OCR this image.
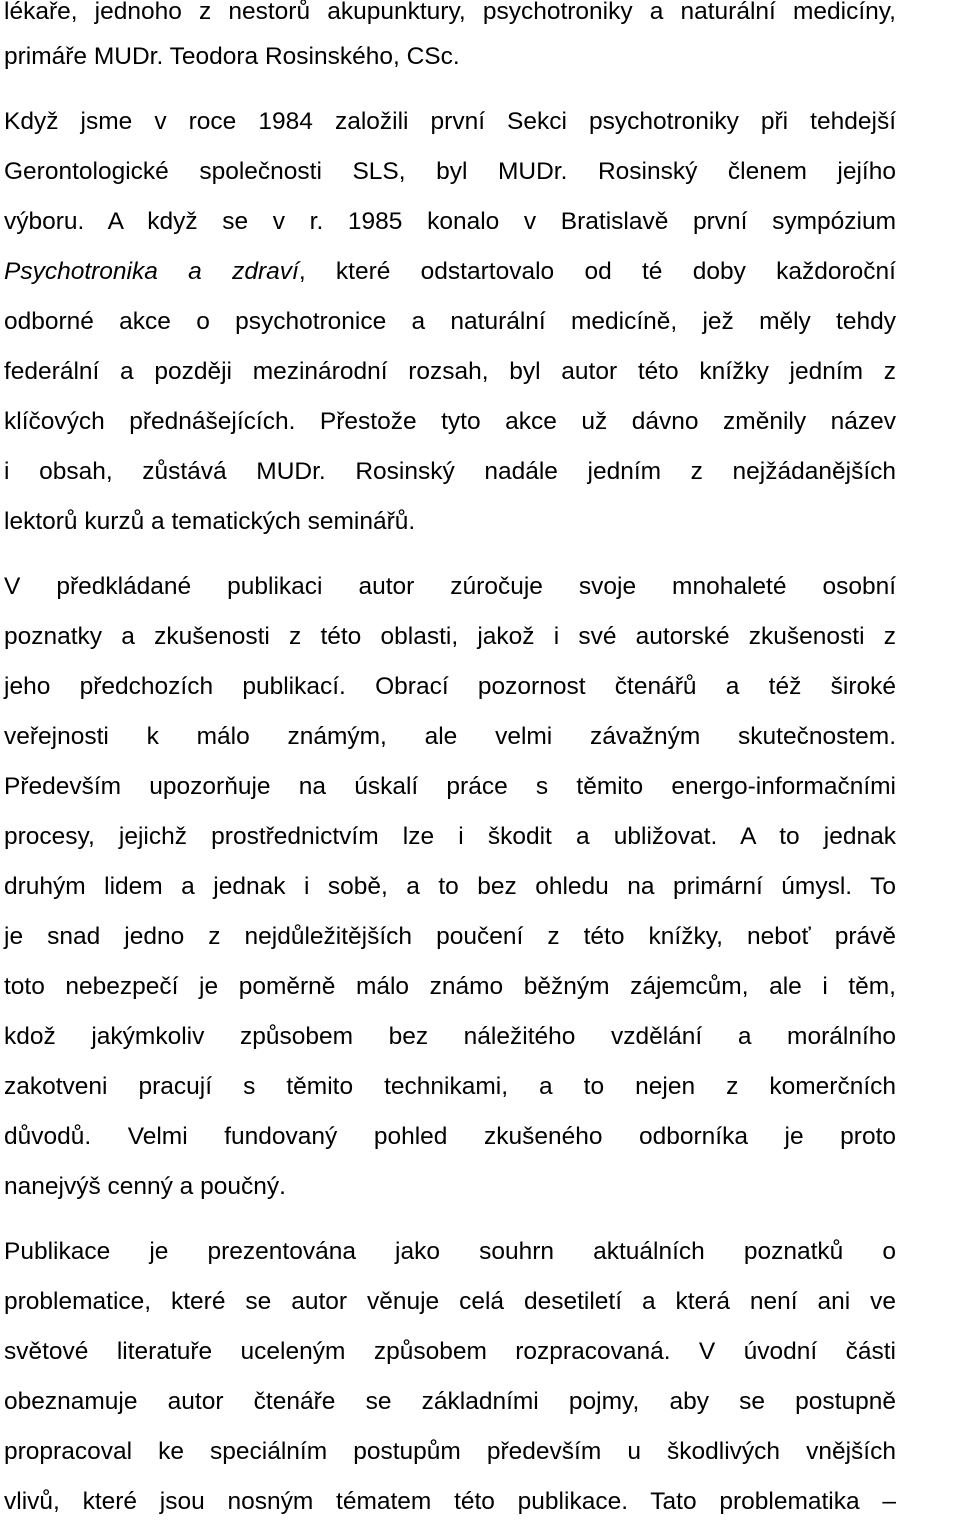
lékaře, jednoho z nestorů akupunktury, psychotroniky a naturální medicíny,
primáře MUDr. Teodora Rosinského, CSc.
Když jsme v roce 1984 založili první Sekci psychotroniky při tehdejší
Gerontologické společnosti SLS, byl MUDr. Rosinský členem jejího
výboru. A když se v r. 1985 konalo v Bratislavě první sympózium
Psychotronika a zdraví, které odstartovalo od té doby každoroční
odborné akce o psychotronice a naturální medicíně, jež měly tehdy
federální a později mezinárodní rozsah, byl autor této knížky jedním z
klíčových přednášejících. Přestože tyto akce už dávno změnily název
i obsah, zůstává MUDr. Rosinský nadále jedním z nejžádanějších
lektorů kurzů a tematických seminářů.
V předkládané publikaci autor zúročuje svoje mnohaleté osobní
poznatky a zkušenosti z této oblasti, jakož i své autorské zkušenosti z
jeho předchozích publikací. Obrací pozornost čtenářů a též široké
veřejnosti k málo známým, ale velmi závažným skutečnostem.
Především upozorňuje na úskalí práce s těmito energo-informačními
procesy, jejichž prostřednictvím lze i škodit a ubližovat. A to jednak
druhým lidem a jednak i sobě, a to bez ohledu na primární úmysl. To
je snad jedno z nejdůležitějších poučení z této knížky, neboť právě
toto nebezpečí je poměrně málo známo běžným zájemcům, ale i těm,
kdož jakýmkoliv způsobem bez náležitého vzdělání a morálního
zakotveni pracují s těmito technikami, a to nejen z komerčních
důvodů. Velmi fundovaný pohled zkušeného odborníka je proto
nanejvýš cenný a poučný.
Publikace je prezentována jako souhrn aktuálních poznatků o
problematice, které se autor věnuje celá desetiletí a která není ani ve
světové literatuře uceleným způsobem rozpracovaná. V úvodní části
obeznamuje autor čtenáře se základními pojmy, aby se postupně
propracoval ke speciálním postupům především u škodlivých vnějších
vlivů, které jsou nosným tématem této publikace. Tato problematika –
